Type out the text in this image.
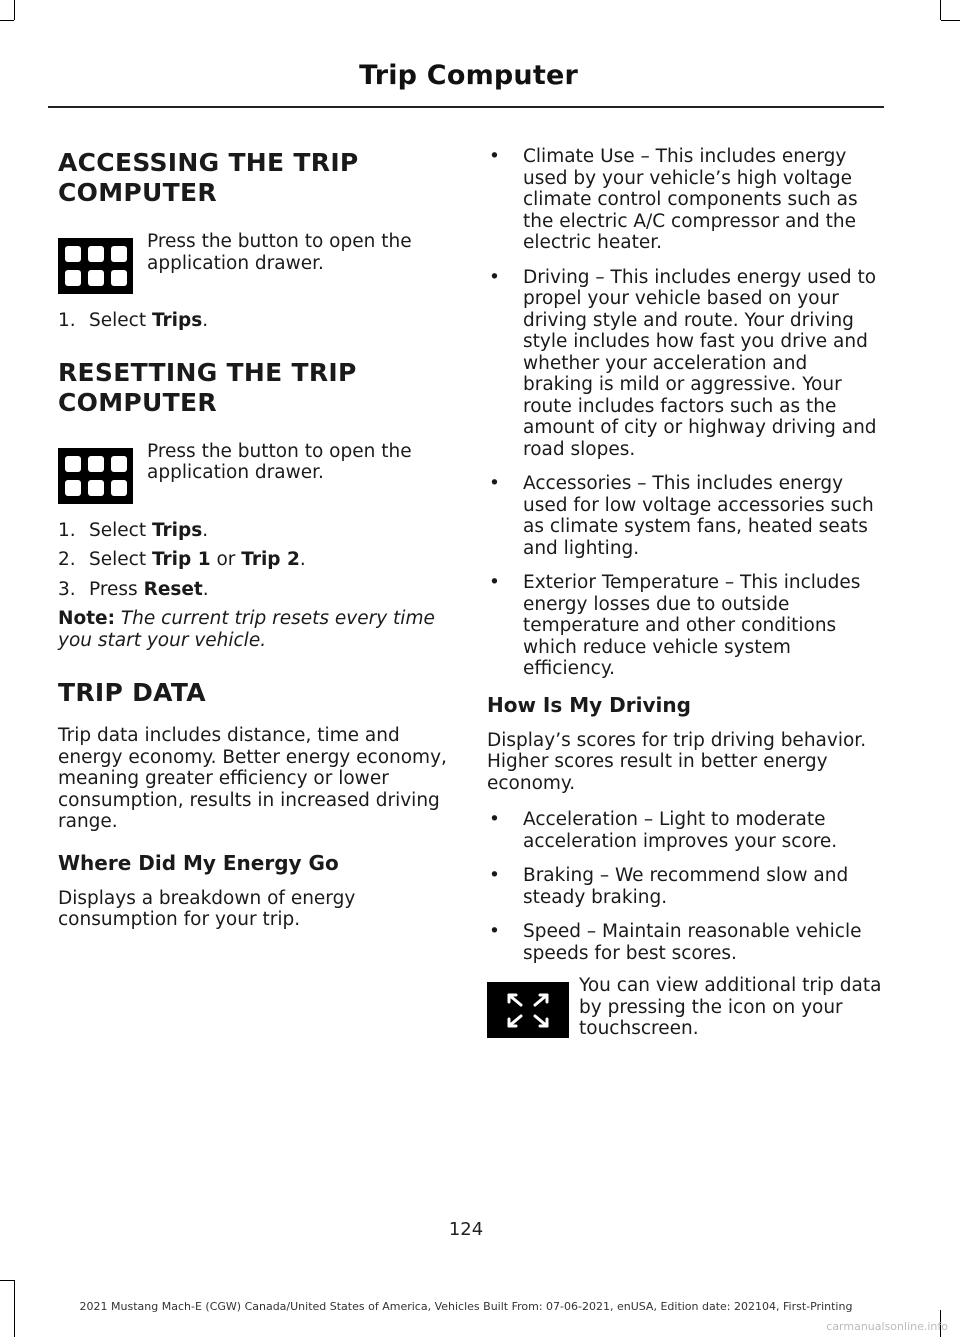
Trip Computer
ACCESSING THE TRIP
COMPUTER
Press the button to open the application drawer.
1. Select Trips.
RESETTING THE TRIP
COMPUTER
Press the button to open the application drawer.
1. Select Trips.
2. Select Trip 1 or Trip 2.
3. Press Reset.

Note: The current trip resets every time you start your vehicle.

TRIP DATA

Trip data includes distance, time and energy economy. Better energy economy, meaning greater efficiency or lower consumption, results in increased driving range.

Where Did My Energy Go

Displays a breakdown of energy consumption for your trip.

•	Climate Use – This includes energy used by your vehicle’s high voltage climate control components such as the electric A/C compressor and the electric heater.
•	Driving – This includes energy used to propel your vehicle based on your driving style and route. Your driving style includes how fast you drive and whether your acceleration and braking is mild or aggressive. Your route includes factors such as the amount of city or highway driving and road slopes.
•	Accessories – This includes energy used for low voltage accessories such as climate system fans, heated seats and lighting.
•	Exterior Temperature – This includes energy losses due to outside temperature and other conditions which reduce vehicle system efficiency.
How Is My Driving

Display’s scores for trip driving behavior. Higher scores result in better energy economy.

•	Acceleration – Light to moderate acceleration improves your score.
•	Braking – We recommend slow and steady braking.
•	Speed – Maintain reasonable vehicle speeds for best scores.
You can view additional trip data by pressing the icon on your touchscreen.
124
2021 Mustang Mach-E (CGW) Canada/United States of America, Vehicles Built From: 07-06-2021, enUSA, Edition date: 202104, First-Printing
carmanualsonline.info
